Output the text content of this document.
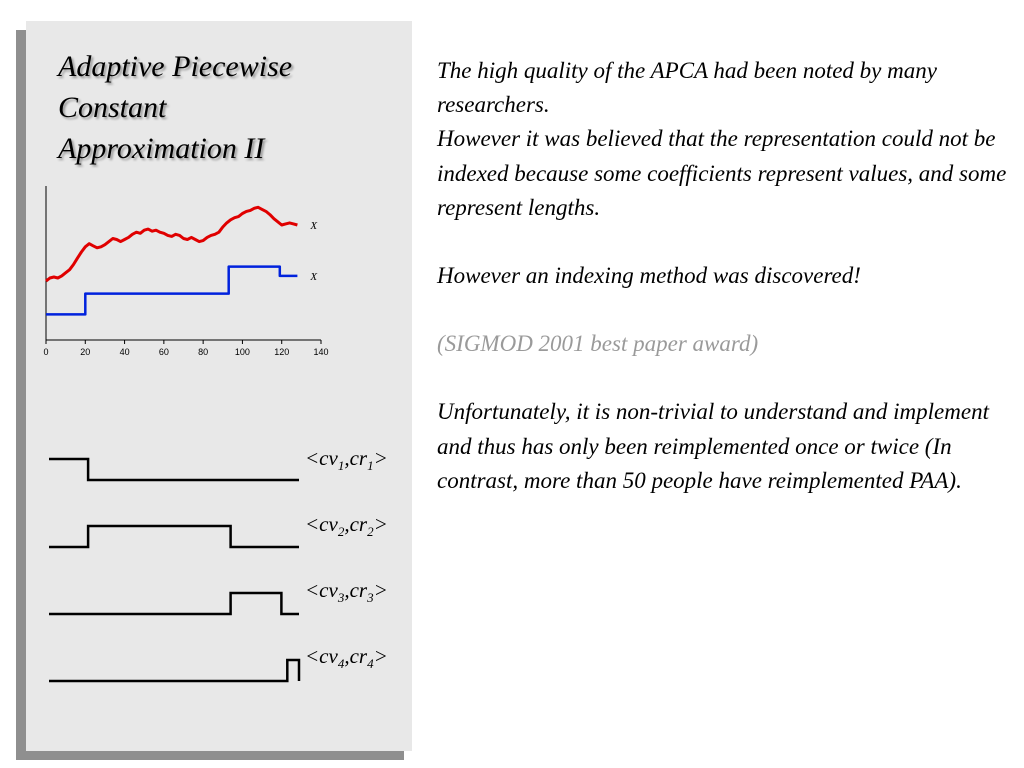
Adaptive Piecewise
Constant
Approximation II
0	20	40	60	80	100	120	140
X
X
$<cv_1,cr_1>$
$<cv_2,cr_2>$
$<cv_3,cr_3>$
$<cv_4,cr_4>$

The high quality of the APCA had been noted by many researchers.

However it was believed that the representation could not be indexed because some coefficients represent values, and some represent lengths.

However an indexing method was discovered!

(SIGMOD 2001 best paper award)

Unfortunately, it is non-trivial to understand and implement and thus has only been reimplemented once or twice (In contrast, more than 50 people have reimplemented PAA).
